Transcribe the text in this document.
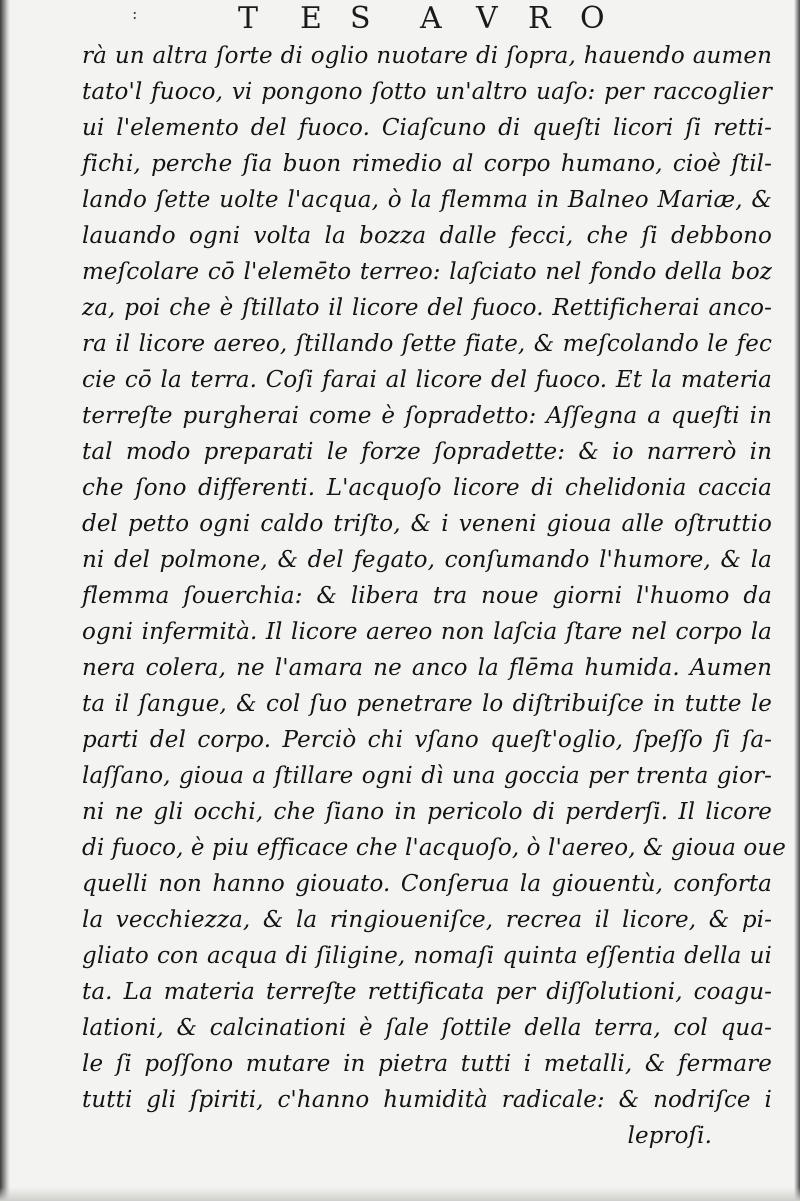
:	T E S A V R O
rà un altra ſorte di oglio nuotare di ſopra, hauendo aumen
tato'l fuoco, vi pongono ſotto un'altro uaſo: per raccoglier
ui l'elemento del fuoco. Ciaſcuno di queſti licori ſi retti-
fichi, perche ſia buon rimedio al corpo humano, cioè ſtil-
lando ſette uolte l'acqua, ò la flemma in Balneo Mariæ, &
lauando ogni volta la bozza dalle fecci, che ſi debbono
meſcolare cō l'elemēto terreo: laſciato nel fondo della boz
za, poi che è ſtillato il licore del fuoco. Rettificherai anco-
ra il licore aereo, ſtillando ſette fiate, & meſcolando le fec
cie cō la terra. Coſi farai al licore del fuoco. Et la materia
terreſte purgherai come è ſopradetto: Aſſegna a queſti in
tal modo preparati le forze ſopradette: & io narrerò in
che ſono differenti. L'acquoſo licore di chelidonia caccia
del petto ogni caldo triſto, & i veneni gioua alle oſtruttio
ni del polmone, & del fegato, conſumando l'humore, & la
flemma ſouerchia: & libera tra noue giorni l'huomo da
ogni infermità. Il licore aereo non laſcia ſtare nel corpo la
nera colera, ne l'amara ne anco la flēma humida. Aumen
ta il ſangue, & col ſuo penetrare lo diſtribuiſce in tutte le
parti del corpo. Perciò chi vſano queſt'oglio, ſpeſſo ſi ſa-
laſſano, gioua a ſtillare ogni dì una goccia per trenta gior-
ni ne gli occhi, che ſiano in pericolo di perderſi. Il licore
di fuoco, è piu efficace che l'acquoſo, ò l'aereo, & gioua oue
quelli non hanno giouato. Conſerua la giouentù, conforta
la vecchiezza, & la ringioueniſce, recrea il licore, & pi-
gliato con acqua di ſiligine, nomaſi quinta eſſentia della ui
ta. La materia terreſte rettificata per diſſolutioni, coagu-
lationi, & calcinationi è ſale ſottile della terra, col qua-
le ſi poſſono mutare in pietra tutti i metalli, & fermare
tutti gli ſpiriti, c'hanno humidità radicale: & nodriſce i
leproſi.
